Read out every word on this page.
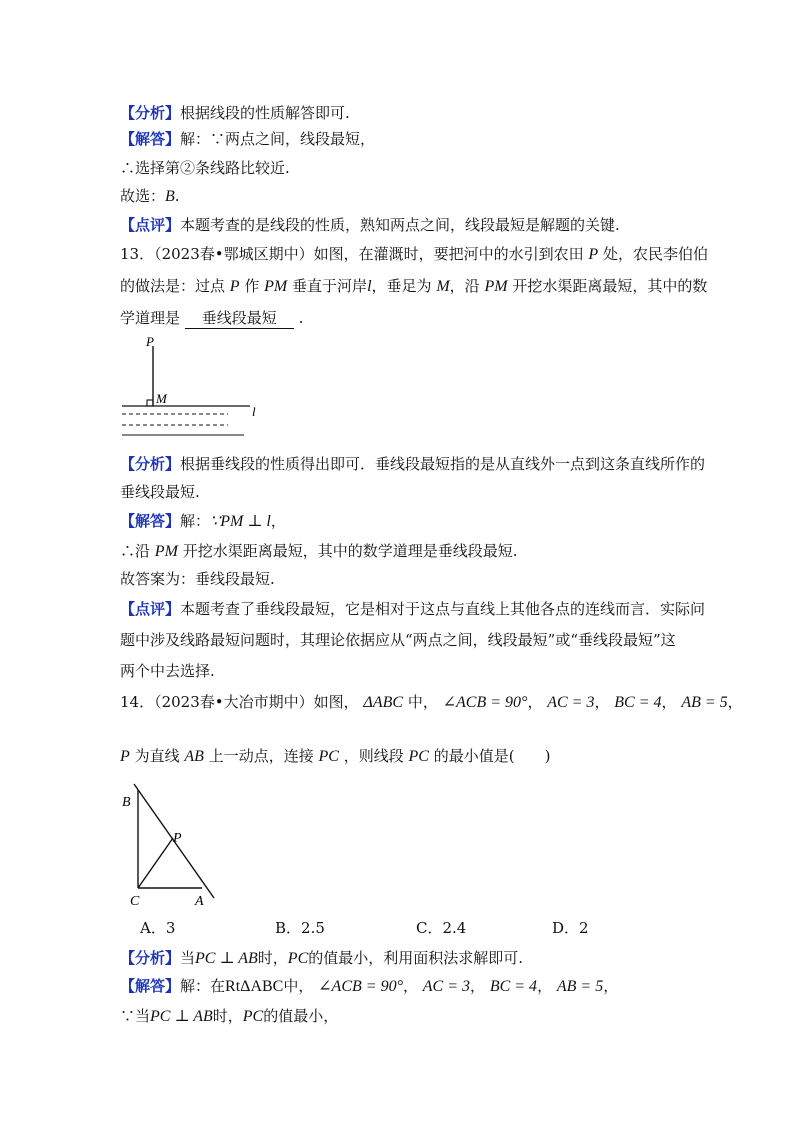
【分析】根据线段的性质解答即可.
【解答】解：∵两点之间，线段最短，
∴选择第②条线路比较近.
故选：B.
【点评】本题考查的是线段的性质，熟知两点之间，线段最短是解题的关键.
13．（2023春•鄂城区期中）如图，在灌溉时，要把河中的水引到农田 P 处，农民李伯伯
的做法是：过点 P 作 PM 垂直于河岸l，垂足为 M，沿 PM 开挖水渠距离最短，其中的数
学道理是 垂线段最短 .
P
M
l
【分析】根据垂线段的性质得出即可．垂线段最短指的是从直线外一点到这条直线所作的
垂线段最短.
【解答】解：∵PM ⊥ l，
∴沿 PM 开挖水渠距离最短，其中的数学道理是垂线段最短.
故答案为：垂线段最短.
【点评】本题考查了垂线段最短，它是相对于这点与直线上其他各点的连线而言．实际问
题中涉及线路最短问题时，其理论依据应从“两点之间，线段最短”或“垂线段最短”这
两个中去选择.
14．（2023春•大冶市期中）如图， ΔABC 中， ∠ACB = 90°， AC = 3， BC = 4， AB = 5，
P 为直线 AB 上一动点，连接 PC ，则线段 PC 的最小值是(　　)
B
P
C	A
A．3	B．2.5	C．2.4	D．2
【分析】当PC ⊥ AB时，PC的值最小，利用面积法求解即可.
【解答】解：在RtΔABC中， ∠ACB = 90°， AC = 3， BC = 4， AB = 5，
∵当PC ⊥ AB时，PC的值最小，
